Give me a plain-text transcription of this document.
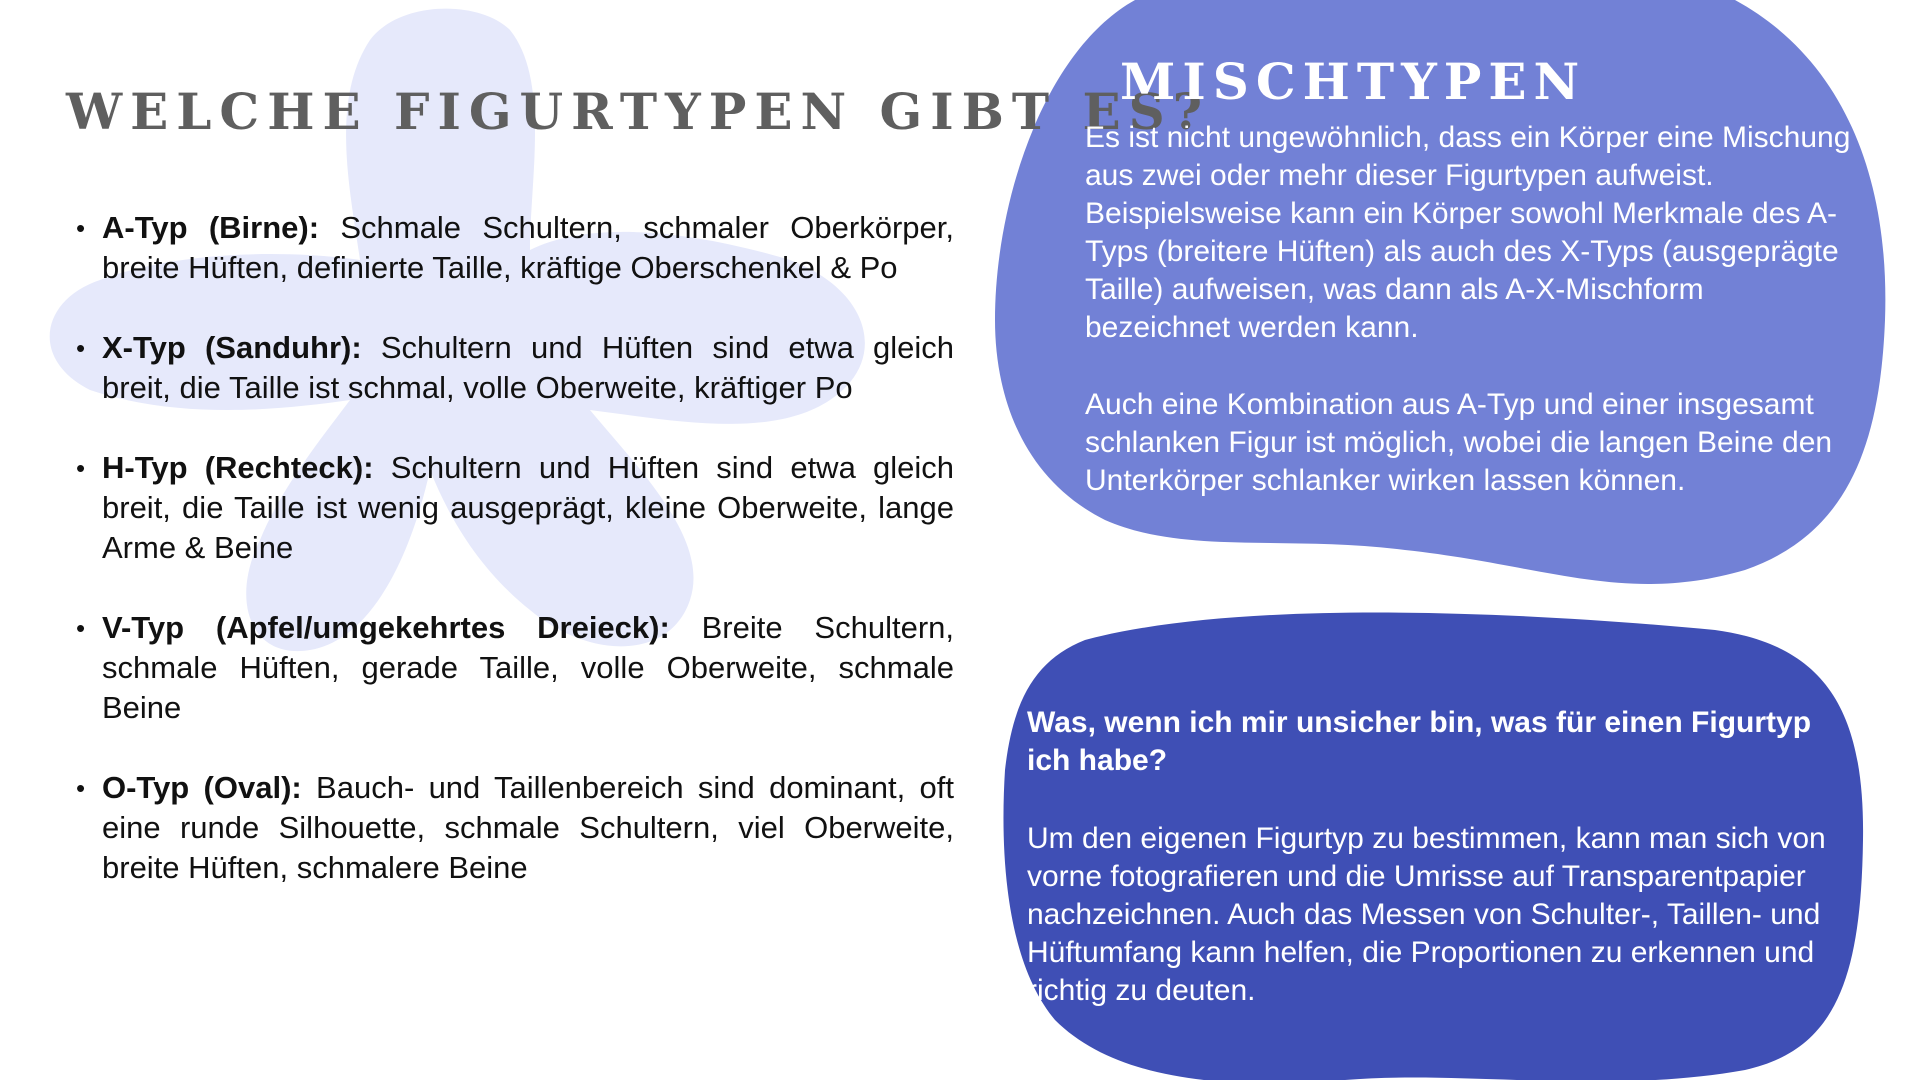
WELCHE FIGURTYPEN GIBT ES?
• A-Typ (Birne): Schmale Schultern, schmaler Oberkörper, breite Hüften, definierte Taille, kräftige Oberschenkel & Po
• X-Typ (Sanduhr): Schultern und Hüften sind etwa gleich breit, die Taille ist schmal, volle Oberweite, kräftiger Po
• H-Typ (Rechteck): Schultern und Hüften sind etwa gleich breit, die Taille ist wenig ausgeprägt, kleine Oberweite, lange Arme & Beine
• V-Typ (Apfel/umgekehrtes Dreieck): Breite Schultern, schmale Hüften, gerade Taille, volle Oberweite, schmale Beine
• O-Typ (Oval): Bauch- und Taillenbereich sind dominant, oft eine runde Silhouette, schmale Schultern, viel Oberweite, breite Hüften, schmalere Beine
MISCHTYPEN

Es ist nicht ungewöhnlich, dass ein Körper eine Mischung aus zwei oder mehr dieser Figurtypen aufweist. Beispielsweise kann ein Körper sowohl Merkmale des A-Typs (breitere Hüften) als auch des X-Typs (ausgeprägte Taille) aufweisen, was dann als A-X-Mischform bezeichnet werden kann.

Auch eine Kombination aus A-Typ und einer insgesamt schlanken Figur ist möglich, wobei die langen Beine den Unterkörper schlanker wirken lassen können.

Was, wenn ich mir unsicher bin, was für einen Figurtyp ich habe?

Um den eigenen Figurtyp zu bestimmen, kann man sich von vorne fotografieren und die Umrisse auf Transparentpapier nachzeichnen. Auch das Messen von Schulter-, Taillen- und Hüftumfang kann helfen, die Proportionen zu erkennen und richtig zu deuten.
